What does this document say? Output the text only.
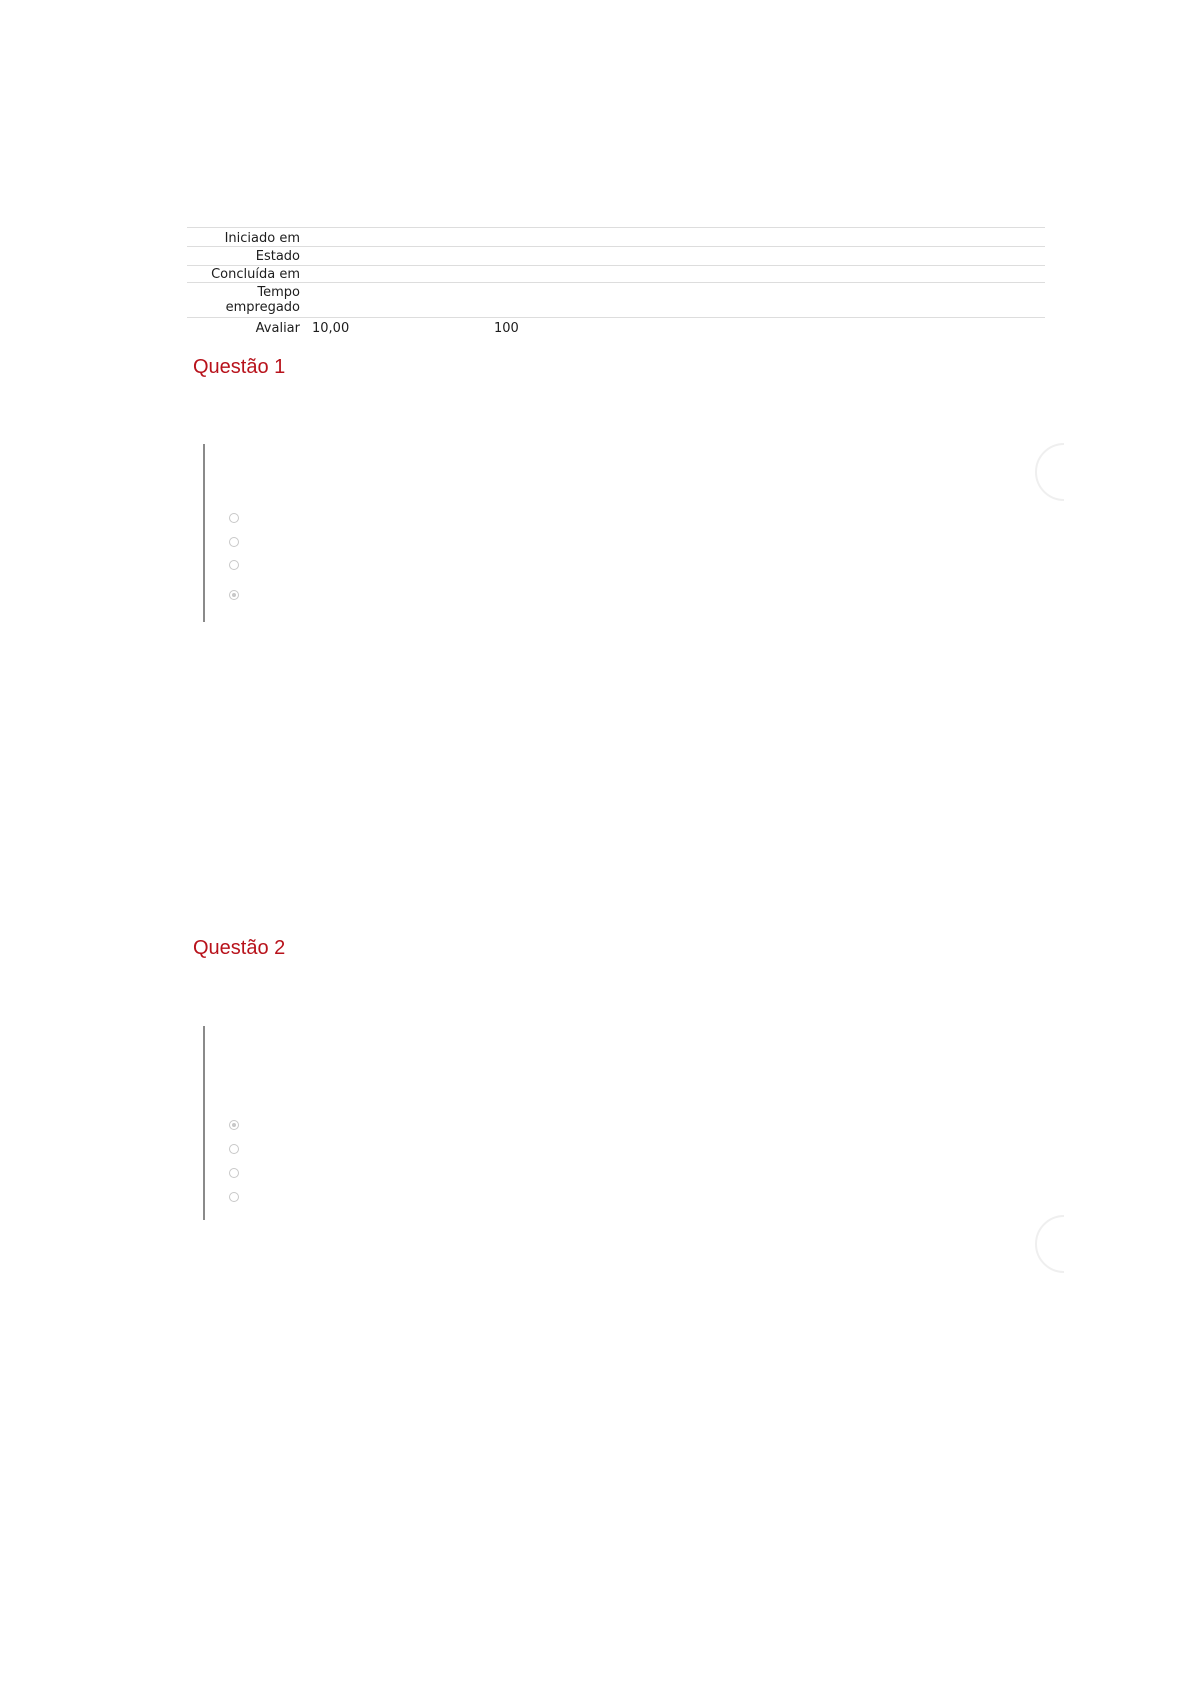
Iniciado em
Estado
Concluída em
Tempo
empregado
Avaliar 10,00	100
Questão 1
Questão 2
